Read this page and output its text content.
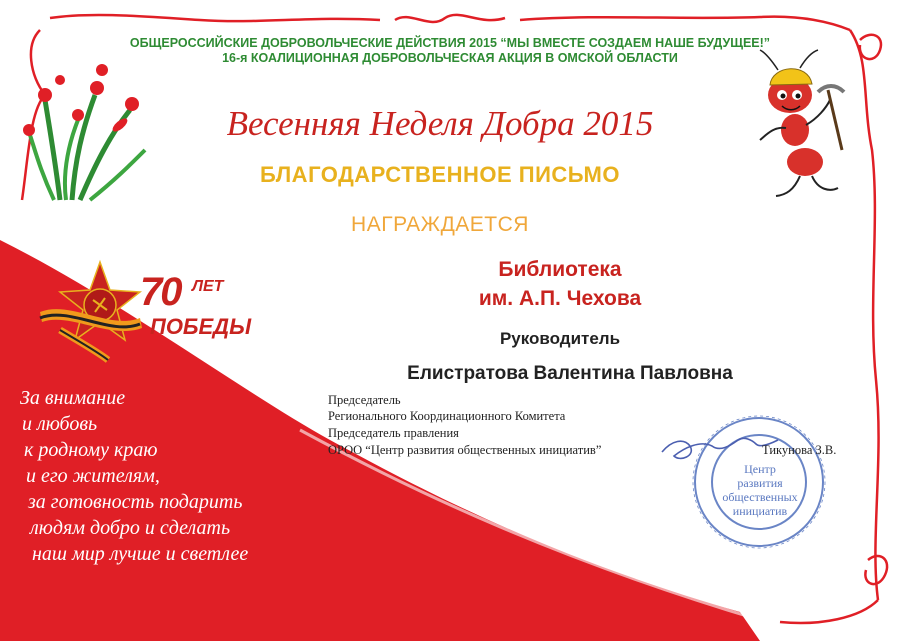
ОБЩЕРОССИЙСКИЕ ДОБРОВОЛЬЧЕСКИЕ ДЕЙСТВИЯ 2015 “МЫ ВМЕСТЕ СОЗДАЕМ НАШЕ БУДУЩЕЕ!”
16-я КОАЛИЦИОННАЯ ДОБРОВОЛЬЧЕСКАЯ АКЦИЯ В ОМСКОЙ ОБЛАСТИ
Весенняя Неделя Добра 2015
БЛАГОДАРСТВЕННОЕ ПИСЬМО
НАГРАЖДАЕТСЯ
Библиотека
им. А.П. Чехова
Руководитель
Елистратова Валентина Павловна
Председатель
Регионального Координационного Комитета
Председатель правления
ОРОО “Центр развития общественных инициатив”	Тикунова З.В.
Центр
развития
общественных
инициатив
70 ЛЕТ
ПОБЕДЫ
За внимание
и любовь
к родному краю
и его жителям,
за готовность подарить
людям добро и сделать
наш мир лучше и светлее
